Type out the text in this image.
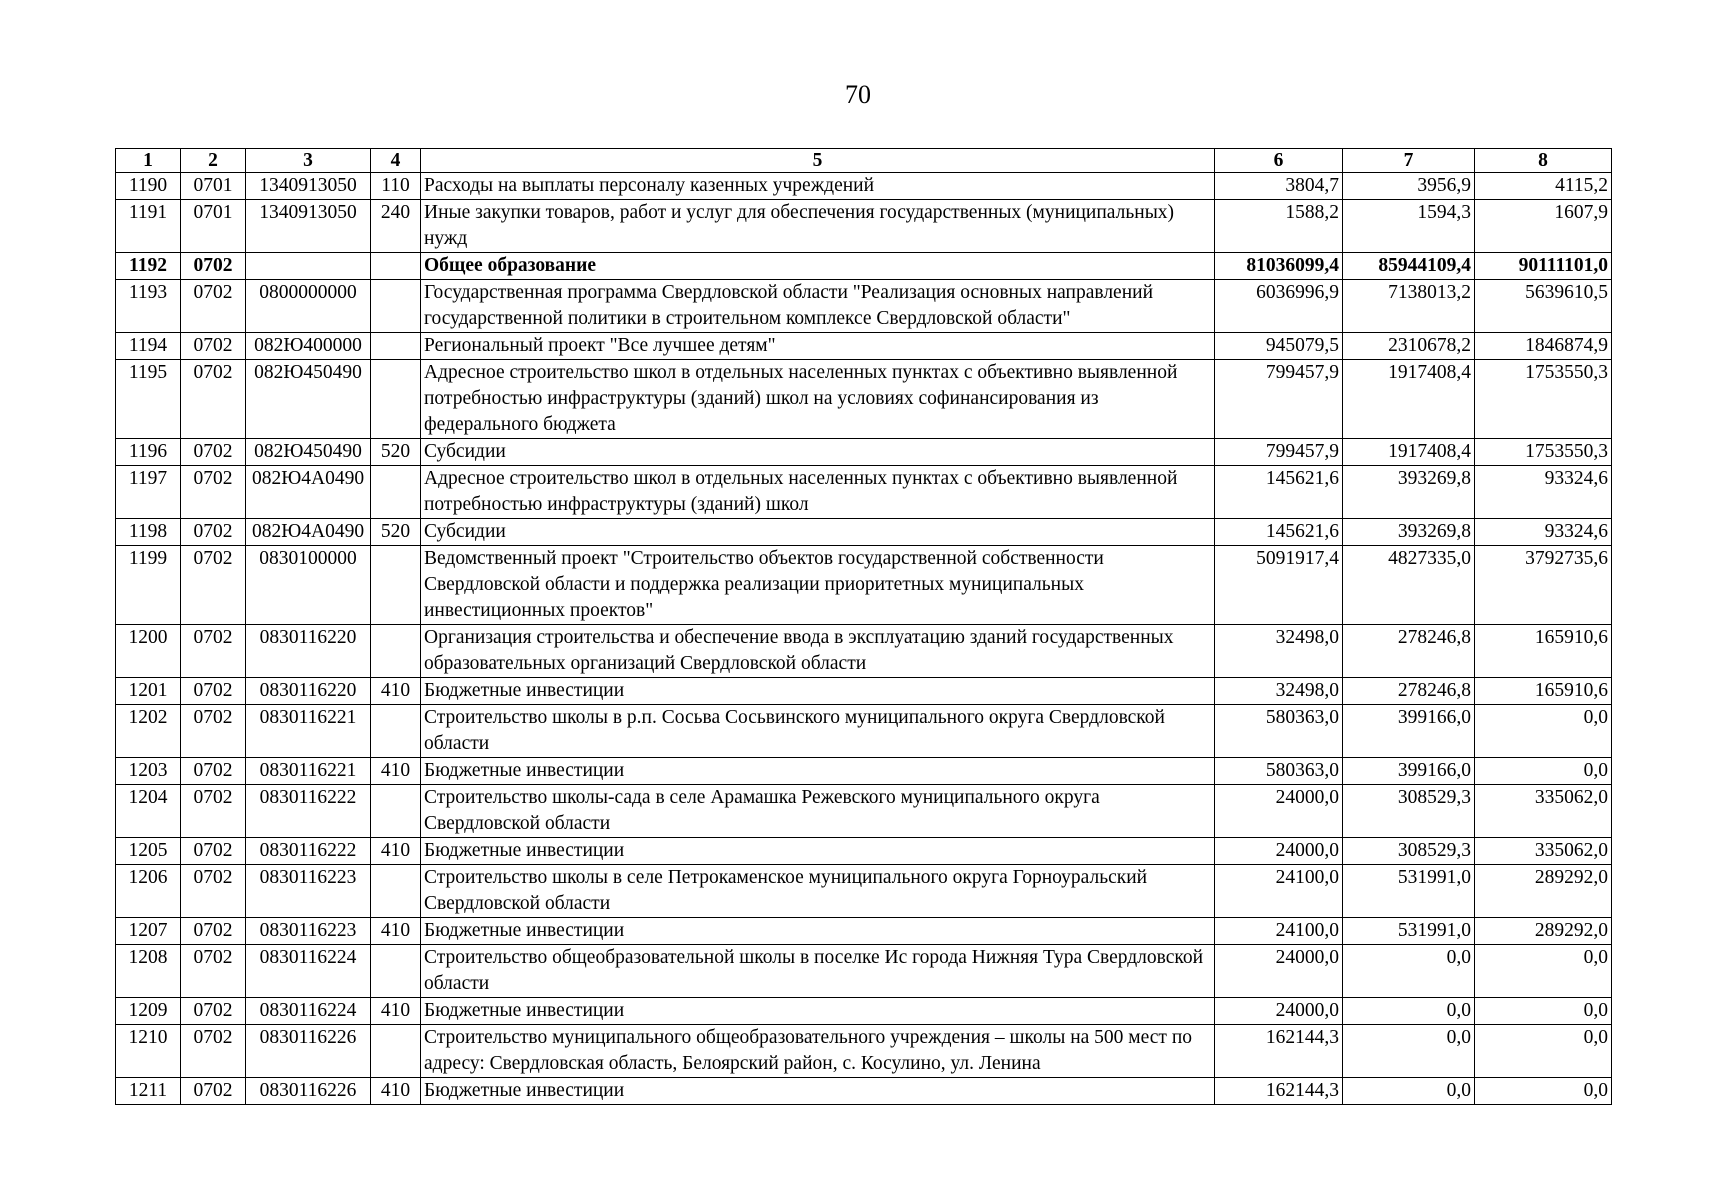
70
1	2	3	4	5	6	7	8
1190	0701	1340913050	110	Расходы на выплаты персоналу казенных учреждений	3804,7	3956,9	4115,2
1191	0701	1340913050	240	Иные закупки товаров, работ и услуг для обеспечения государственных (муниципальных) нужд	1588,2	1594,3	1607,9
1192	0702			Общее образование	81036099,4	85944109,4	90111101,0
1193	0702	0800000000		Государственная программа Свердловской области "Реализация основных направлений государственной политики в строительном комплексе Свердловской области"	6036996,9	7138013,2	5639610,5
1194	0702	082Ю400000		Региональный проект "Все лучшее детям"	945079,5	2310678,2	1846874,9
1195	0702	082Ю450490		Адресное строительство школ в отдельных населенных пунктах с объективно выявленной потребностью инфраструктуры (зданий) школ на условиях софинансирования из федерального бюджета	799457,9	1917408,4	1753550,3
1196	0702	082Ю450490	520	Субсидии	799457,9	1917408,4	1753550,3
1197	0702	082Ю4А0490		Адресное строительство школ в отдельных населенных пунктах с объективно выявленной потребностью инфраструктуры (зданий) школ	145621,6	393269,8	93324,6
1198	0702	082Ю4А0490	520	Субсидии	145621,6	393269,8	93324,6
1199	0702	0830100000		Ведомственный проект "Строительство объектов государственной собственности Свердловской области и поддержка реализации приоритетных муниципальных инвестиционных проектов"	5091917,4	4827335,0	3792735,6
1200	0702	0830116220		Организация строительства и обеспечение ввода в эксплуатацию зданий государственных образовательных организаций Свердловской области	32498,0	278246,8	165910,6
1201	0702	0830116220	410	Бюджетные инвестиции	32498,0	278246,8	165910,6
1202	0702	0830116221		Строительство школы в р.п. Сосьва Сосьвинского муниципального округа Свердловской области	580363,0	399166,0	0,0
1203	0702	0830116221	410	Бюджетные инвестиции	580363,0	399166,0	0,0
1204	0702	0830116222		Строительство школы-сада в селе Арамашка Режевского муниципального округа Свердловской области	24000,0	308529,3	335062,0
1205	0702	0830116222	410	Бюджетные инвестиции	24000,0	308529,3	335062,0
1206	0702	0830116223		Строительство школы в селе Петрокаменское муниципального округа Горноуральский Свердловской области	24100,0	531991,0	289292,0
1207	0702	0830116223	410	Бюджетные инвестиции	24100,0	531991,0	289292,0
1208	0702	0830116224		Строительство общеобразовательной школы в поселке Ис города Нижняя Тура Свердловской области	24000,0	0,0	0,0
1209	0702	0830116224	410	Бюджетные инвестиции	24000,0	0,0	0,0
1210	0702	0830116226		Строительство муниципального общеобразовательного учреждения – школы на 500 мест по адресу: Свердловская область, Белоярский район, с. Косулино, ул. Ленина	162144,3	0,0	0,0
1211	0702	0830116226	410	Бюджетные инвестиции	162144,3	0,0	0,0
